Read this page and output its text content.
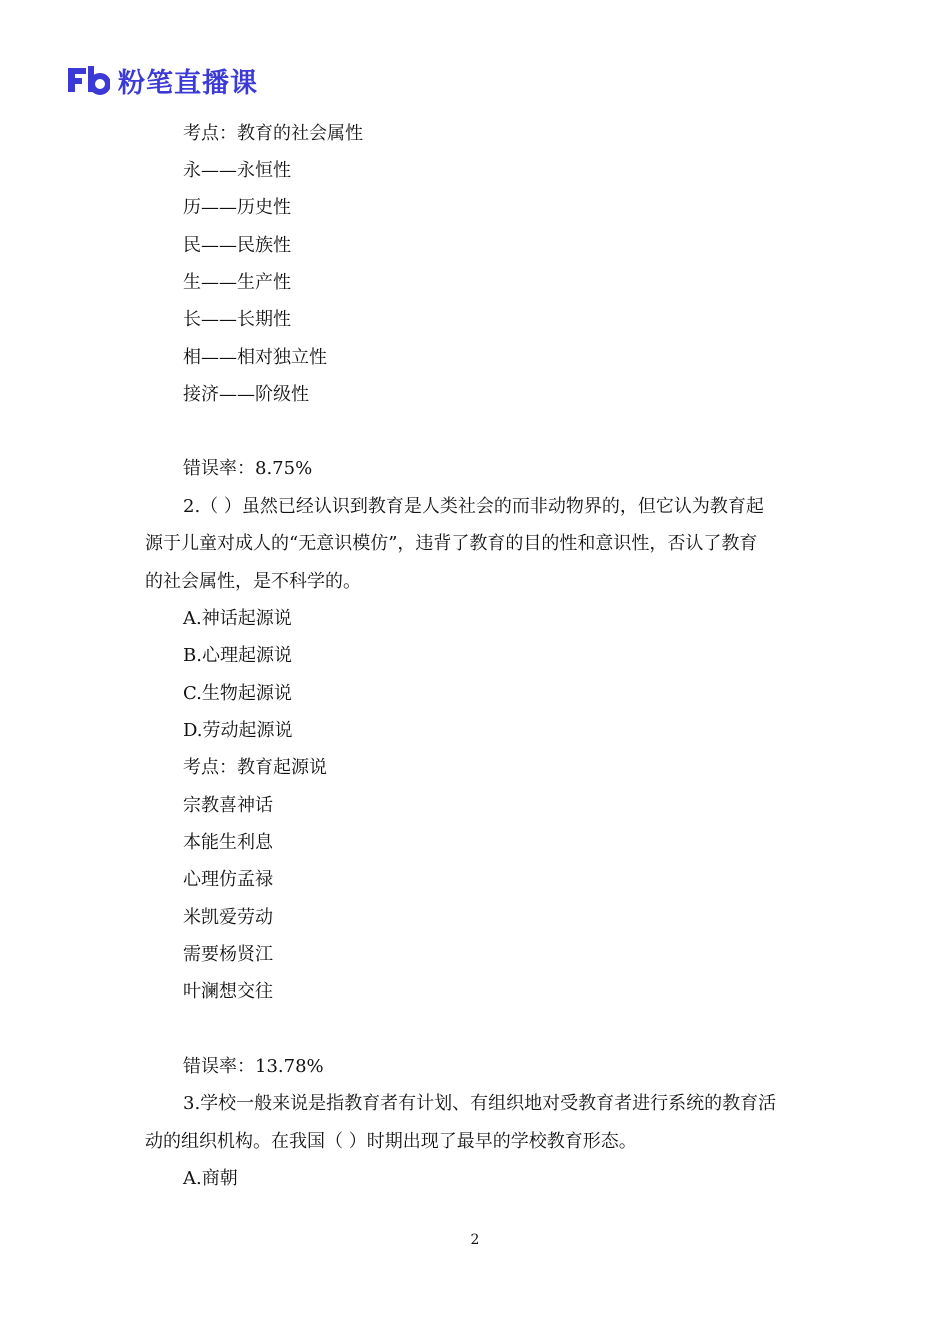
粉笔直播课
考点：教育的社会属性
永——永恒性
历——历史性
民——民族性
生——生产性
长——长期性
相——相对独立性
接济——阶级性
错误率：8.75%
2.（ ）虽然已经认识到教育是人类社会的而非动物界的，但它认为教育起
源于儿童对成人的“无意识模仿”，违背了教育的目的性和意识性，否认了教育
的社会属性，是不科学的。
A.神话起源说
B.心理起源说
C.生物起源说
D.劳动起源说
考点：教育起源说
宗教喜神话
本能生利息
心理仿孟禄
米凯爱劳动
需要杨贤江
叶澜想交往
错误率：13.78%
3.学校一般来说是指教育者有计划、有组织地对受教育者进行系统的教育活
动的组织机构。在我国（ ）时期出现了最早的学校教育形态。
A.商朝
2
